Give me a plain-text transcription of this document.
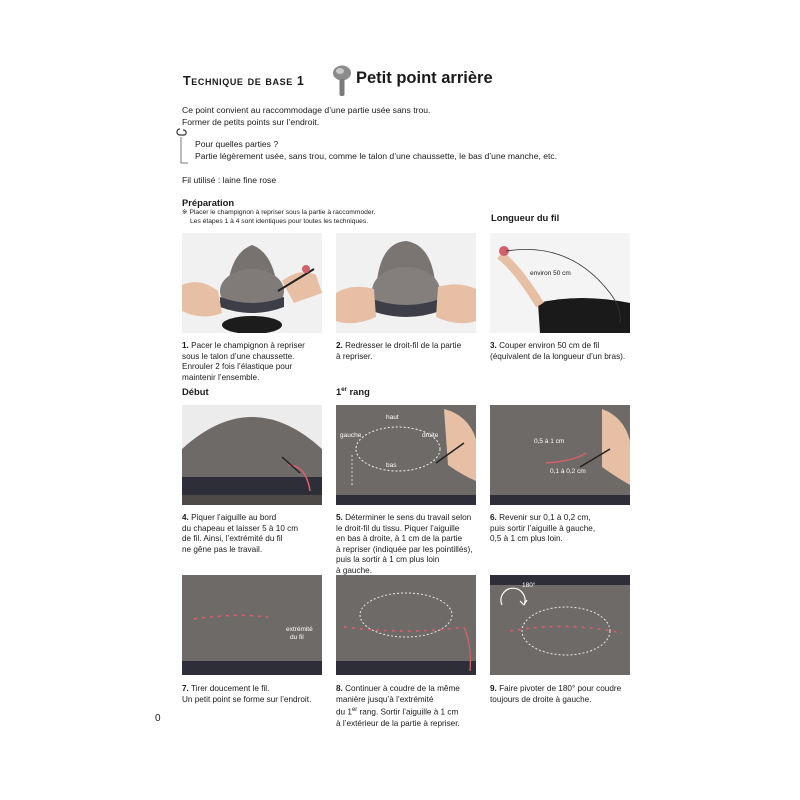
Technique de base 1	Petit point arrière
Ce point convient au raccommodage d’une partie usée sans trou.
Former de petits points sur l’endroit.
Pour quelles parties ?
Partie légèrement usée, sans trou, comme le talon d’une chaussette, le bas d’une manche, etc.
Fil utilisé : laine fine rose
Préparation
※ Placer le champignon à repriser sous la partie à raccommoder.
Les étapes 1 à 4 sont identiques pour toutes les techniques.	Longueur du fil
Début	1er rang
environ 50 cm
haut
gauche	droite
bas
0,5 à 1 cm
0,1 à 0,2 cm
extrémité
du fil
180°
1. Pacer le champignon à repriser
sous le talon d’une chaussette.
Enrouler 2 fois l’élastique pour
maintenir l’ensemble.
2. Redresser le droit-fil de la partie
à repriser.
3. Couper environ 50 cm de fil
(équivalent de la longueur d’un bras).
4. Piquer l’aiguille au bord
du chapeau et laisser 5 à 10 cm
de fil. Ainsi, l’extrémité du fil
ne gêne pas le travail.
5. Déterminer le sens du travail selon
le droit-fil du tissu. Piquer l’aiguille
en bas à droite, à 1 cm de la partie
à repriser (indiquée par les pointillés),
puis la sortir à 1 cm plus loin
à gauche.
6. Revenir sur 0,1 à 0,2 cm,
puis sortir l’aiguille à gauche,
0,5 à 1 cm plus loin.
7. Tirer doucement le fil.
Un petit point se forme sur l’endroit.
8. Continuer à coudre de la même
manière jusqu’à l’extrémité
du 1er rang. Sortir l’aiguille à 1 cm
à l’extérieur de la partie à repriser.
9. Faire pivoter de 180° pour coudre
toujours de droite à gauche.
0
